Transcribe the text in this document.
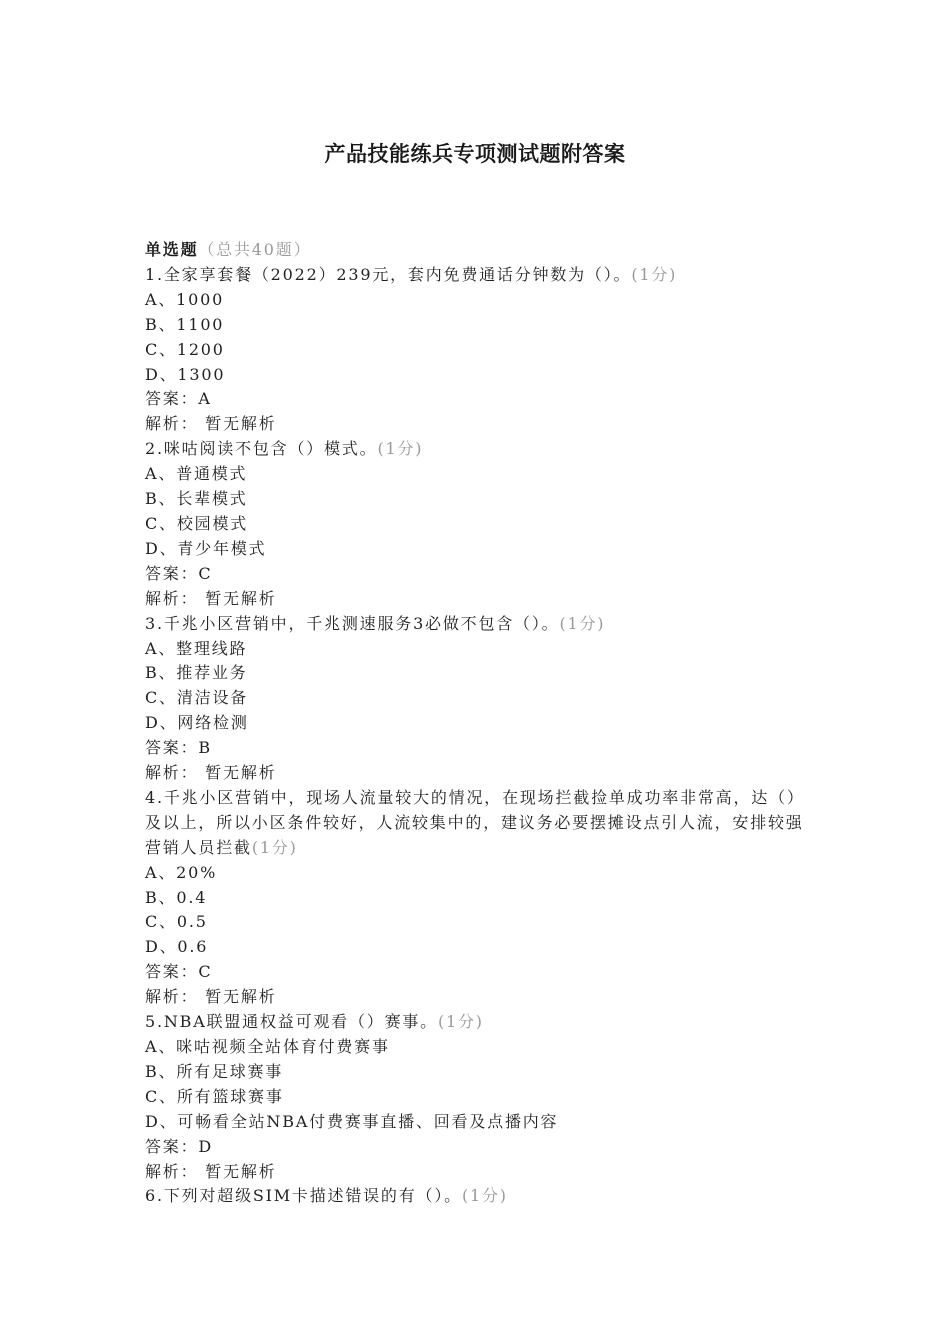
产品技能练兵专项测试题附答案
单选题（总共40题）
1.全家享套餐（2022）239元，套内免费通话分钟数为（）。(1分)
A、1000
B、1100
C、1200
D、1300
答案：A
解析： 暂无解析
2.咪咕阅读不包含（）模式。(1分)
A、普通模式
B、长辈模式
C、校园模式
D、青少年模式
答案：C
解析： 暂无解析
3.千兆小区营销中，千兆测速服务3必做不包含（）。(1分)
A、整理线路
B、推荐业务
C、清洁设备
D、网络检测
答案：B
解析： 暂无解析
4.千兆小区营销中，现场人流量较大的情况，在现场拦截捡单成功率非常高，达（）及以上，所以小区条件较好，人流较集中的，建议务必要摆摊设点引人流，安排较强营销人员拦截(1分)
A、20%
B、0.4
C、0.5
D、0.6
答案：C
解析： 暂无解析
5.NBA联盟通权益可观看（）赛事。(1分)
A、咪咕视频全站体育付费赛事
B、所有足球赛事
C、所有篮球赛事
D、可畅看全站NBA付费赛事直播、回看及点播内容
答案：D
解析： 暂无解析
6.下列对超级SIM卡描述错误的有（）。(1分)
